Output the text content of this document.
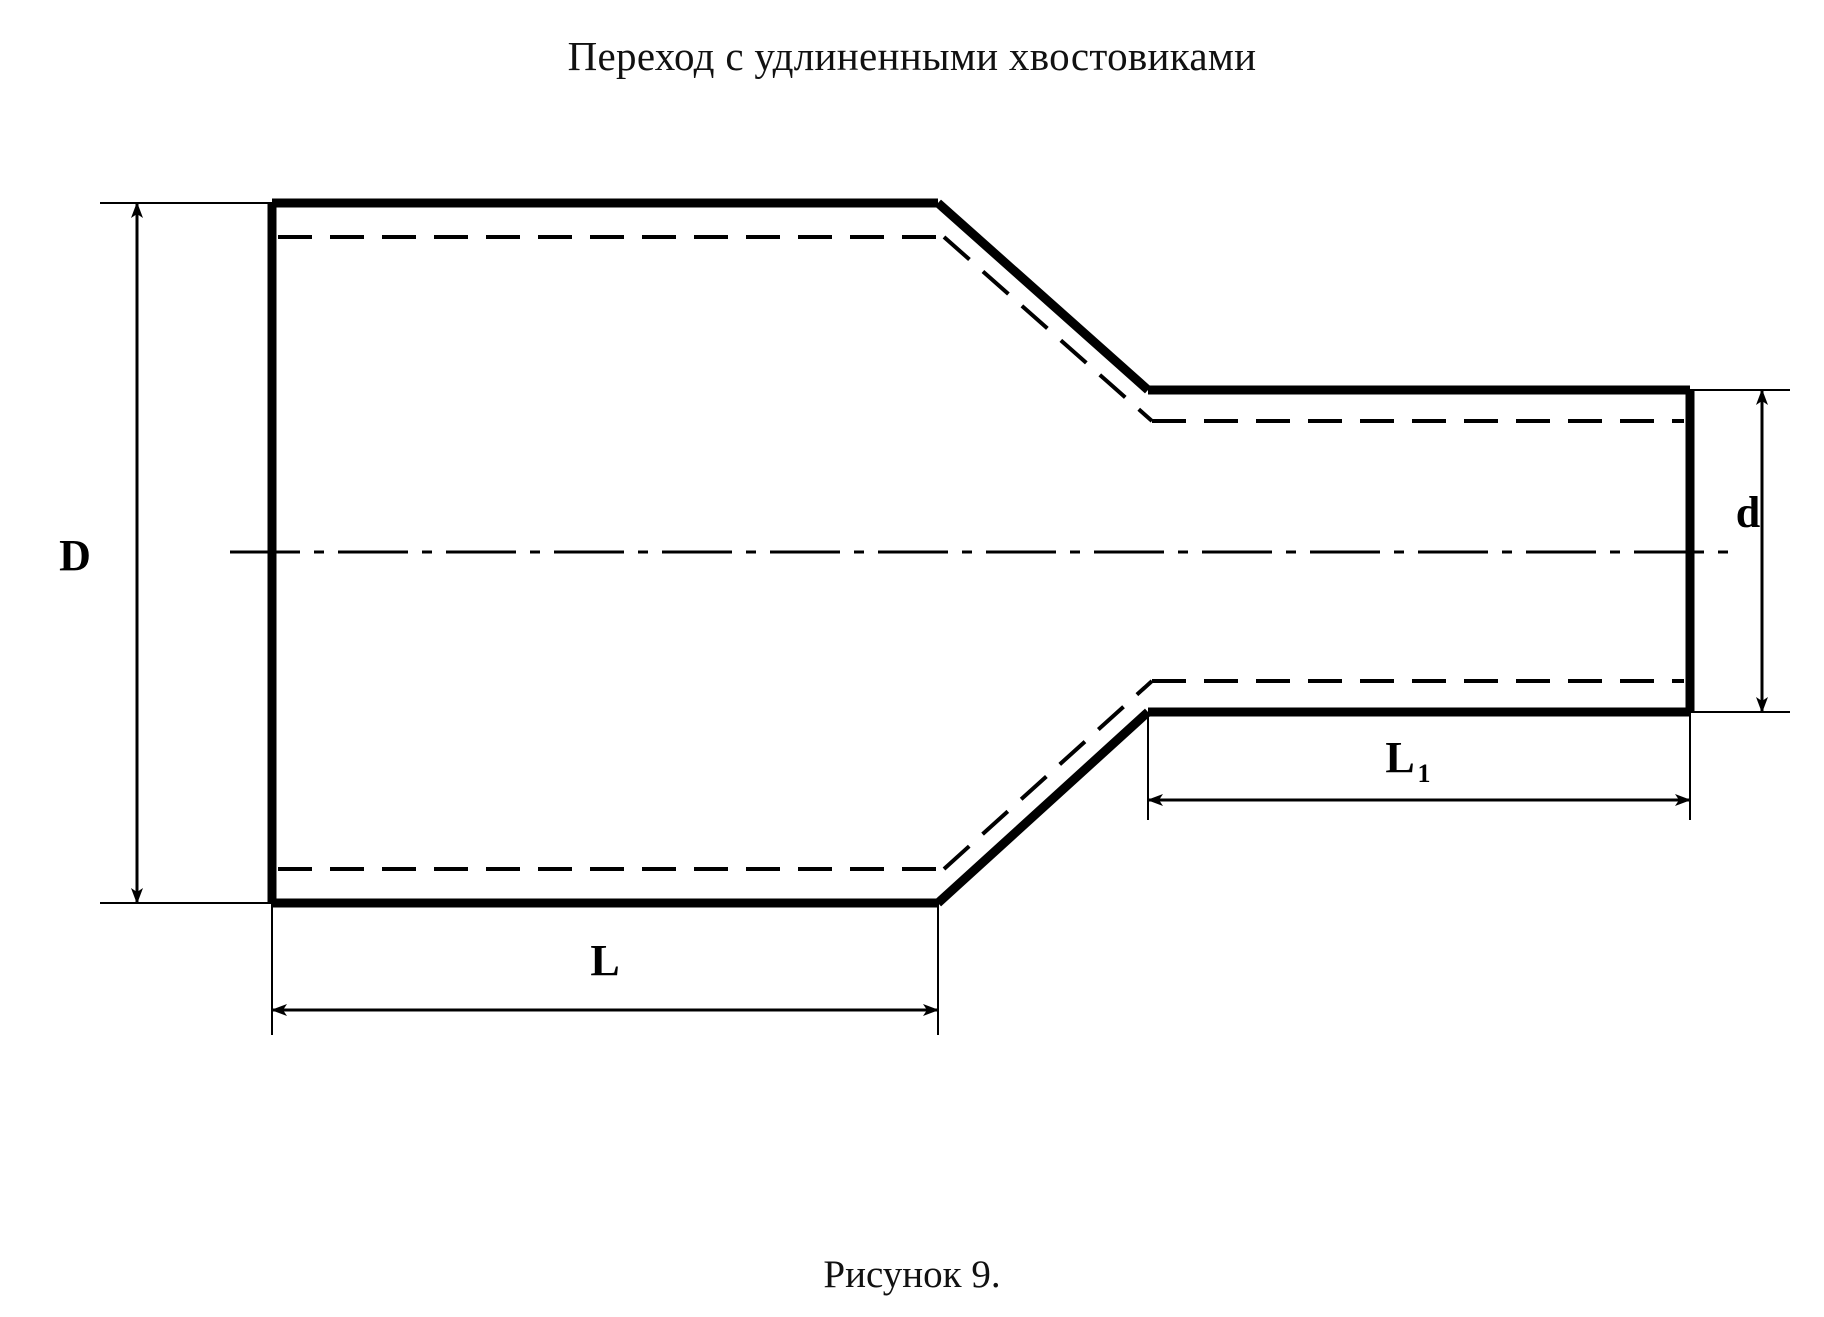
Переход с удлиненными хвостовиками
D
d
L
L 1
Рисунок 9.
